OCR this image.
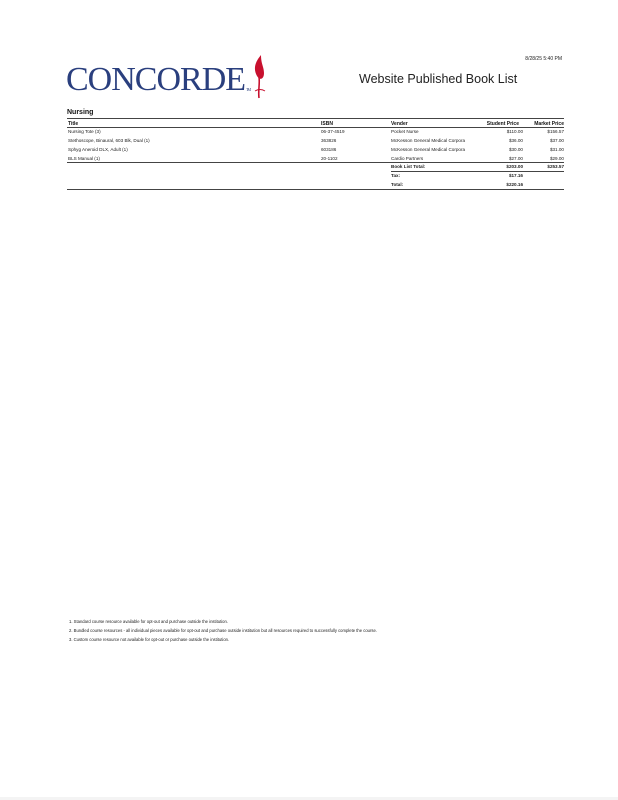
8/28/25 5:40 PM
CONCORDE™
Website Published Book List
Nursing
Title	ISBN	Vender	Student Price	Market Price
Nursing Tote (3)	06-37-4519	Pocket Nurse	$110.00	$156.57
Stethoscope, Binaural, 603 Blk, Dual (1)	363826	McKesson General Medical Corpora	$36.00	$37.00
Sphyg Aneroid DLX, Adult (1)	603186	McKesson General Medical Corpora	$30.00	$31.00
BLS Manual (1)	20-1102	Cardio Partners	$27.00	$29.00
Book List Total:	$203.00	$253.57
Tax:	$17.16
Total:	$220.16
1. Standard course resource available for opt-out and purchase outside the institution.
2. Bundled course resources - all individual pieces available for opt-out and purchase outside institution but all resources required to successfully complete the course.
3. Custom course resource not available for opt-out or purchase outside the institution.
